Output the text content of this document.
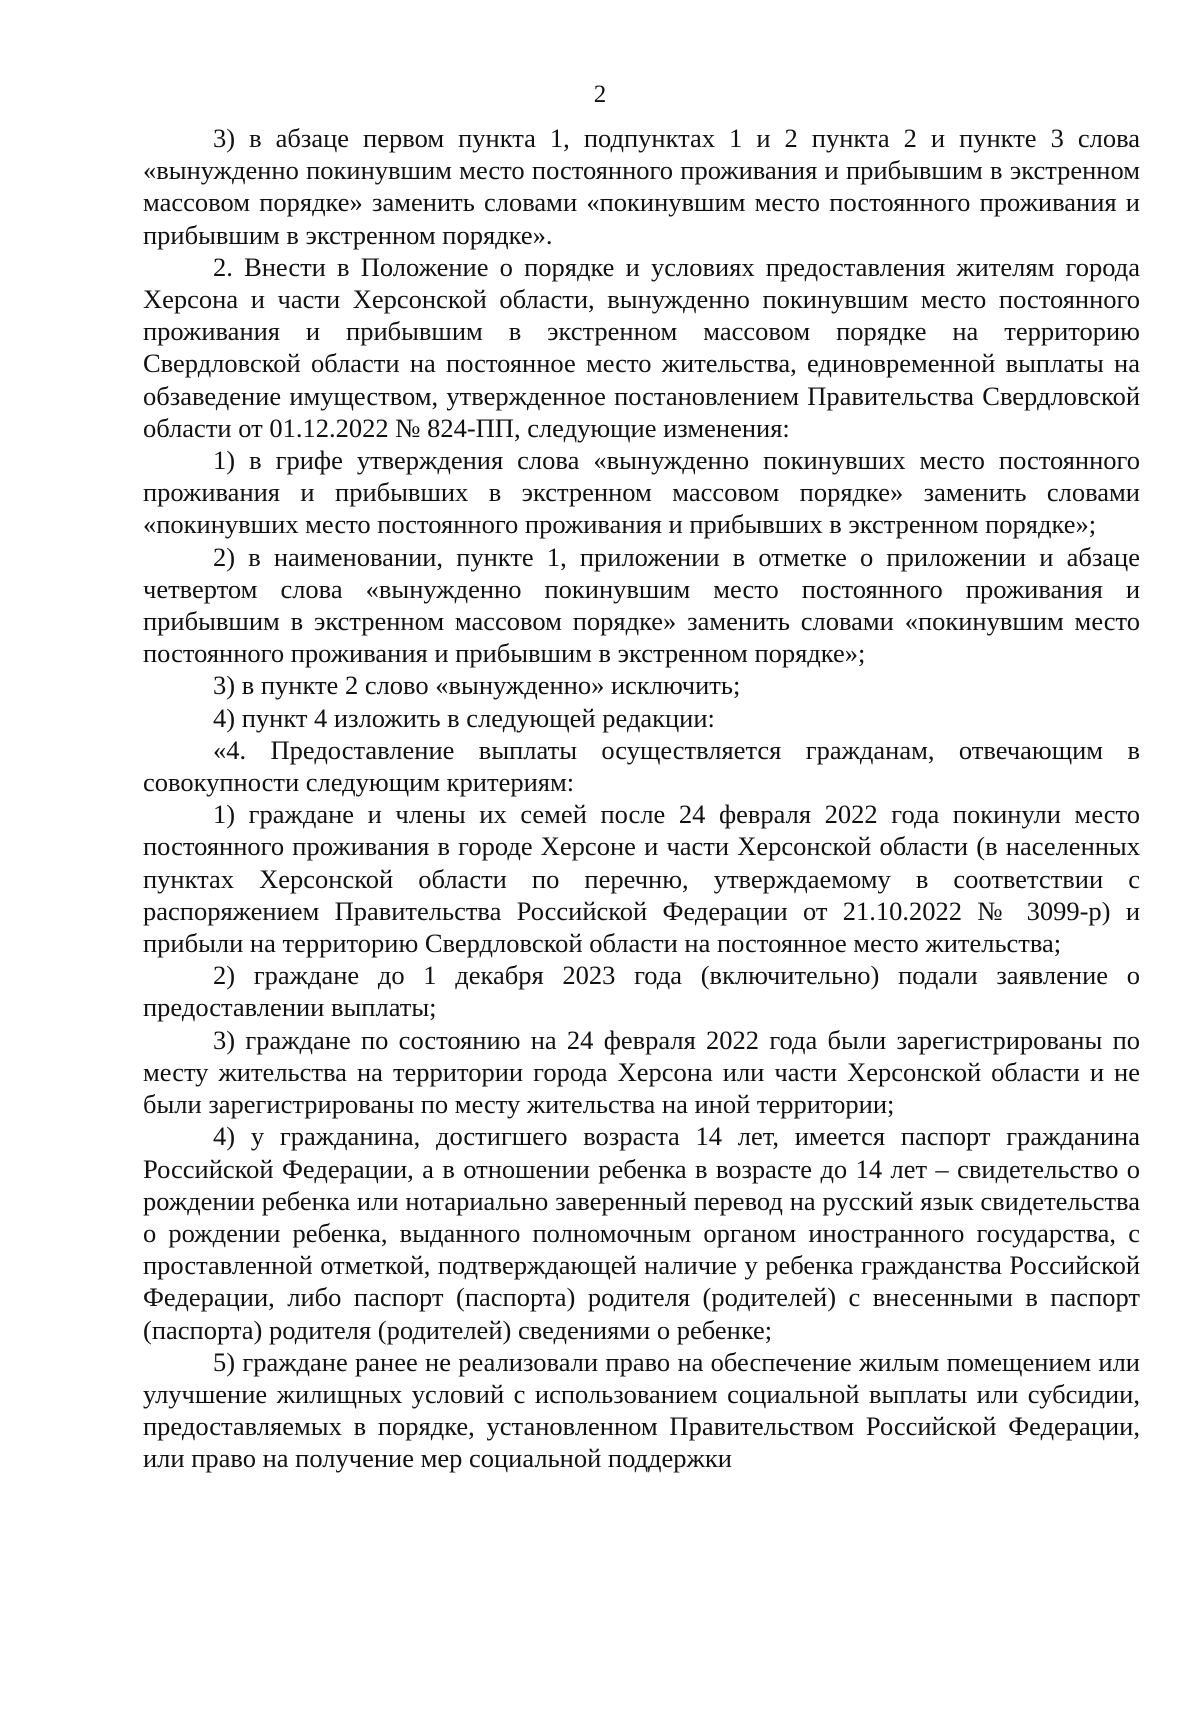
2

3) в абзаце первом пункта 1, подпунктах 1 и 2 пункта 2 и пункте 3 слова «вынужденно покинувшим место постоянного проживания и прибывшим в экстренном массовом порядке» заменить словами «покинувшим место постоянного проживания и прибывшим в экстренном порядке».

2. Внести в Положение о порядке и условиях предоставления жителям города Херсона и части Херсонской области, вынужденно покинувшим место постоянного проживания и прибывшим в экстренном массовом порядке на территорию Свердловской области на постоянное место жительства, единовременной выплаты на обзаведение имуществом, утвержденное постановлением Правительства Свердловской области от 01.12.2022 № 824-ПП, следующие изменения:

1) в грифе утверждения слова «вынужденно покинувших место постоянного проживания и прибывших в экстренном массовом порядке» заменить словами «покинувших место постоянного проживания и прибывших в экстренном порядке»;

2) в наименовании, пункте 1, приложении в отметке о приложении и абзаце четвертом слова «вынужденно покинувшим место постоянного проживания и прибывшим в экстренном массовом порядке» заменить словами «покинувшим место постоянного проживания и прибывшим в экстренном порядке»;

3) в пункте 2 слово «вынужденно» исключить;

4) пункт 4 изложить в следующей редакции:

«4. Предоставление выплаты осуществляется гражданам, отвечающим в совокупности следующим критериям:

1) граждане и члены их семей после 24 февраля 2022 года покинули место постоянного проживания в городе Херсоне и части Херсонской области (в населенных пунктах Херсонской области по перечню, утверждаемому в соответствии с распоряжением Правительства Российской Федерации от 21.10.2022 № 3099-р) и прибыли на территорию Свердловской области на постоянное место жительства;

2) граждане до 1 декабря 2023 года (включительно) подали заявление о предоставлении выплаты;

3) граждане по состоянию на 24 февраля 2022 года были зарегистрированы по месту жительства на территории города Херсона или части Херсонской области и не были зарегистрированы по месту жительства на иной территории;

4) у гражданина, достигшего возраста 14 лет, имеется паспорт гражданина Российской Федерации, а в отношении ребенка в возрасте до 14 лет – свидетельство о рождении ребенка или нотариально заверенный перевод на русский язык свидетельства о рождении ребенка, выданного полномочным органом иностранного государства, с проставленной отметкой, подтверждающей наличие у ребенка гражданства Российской Федерации, либо паспорт (паспорта) родителя (родителей) с внесенными в паспорт (паспорта) родителя (родителей) сведениями о ребенке;

5) граждане ранее не реализовали право на обеспечение жилым помещением или улучшение жилищных условий с использованием социальной выплаты или субсидии, предоставляемых в порядке, установленном Правительством Российской Федерации, или право на получение мер социальной поддержки
